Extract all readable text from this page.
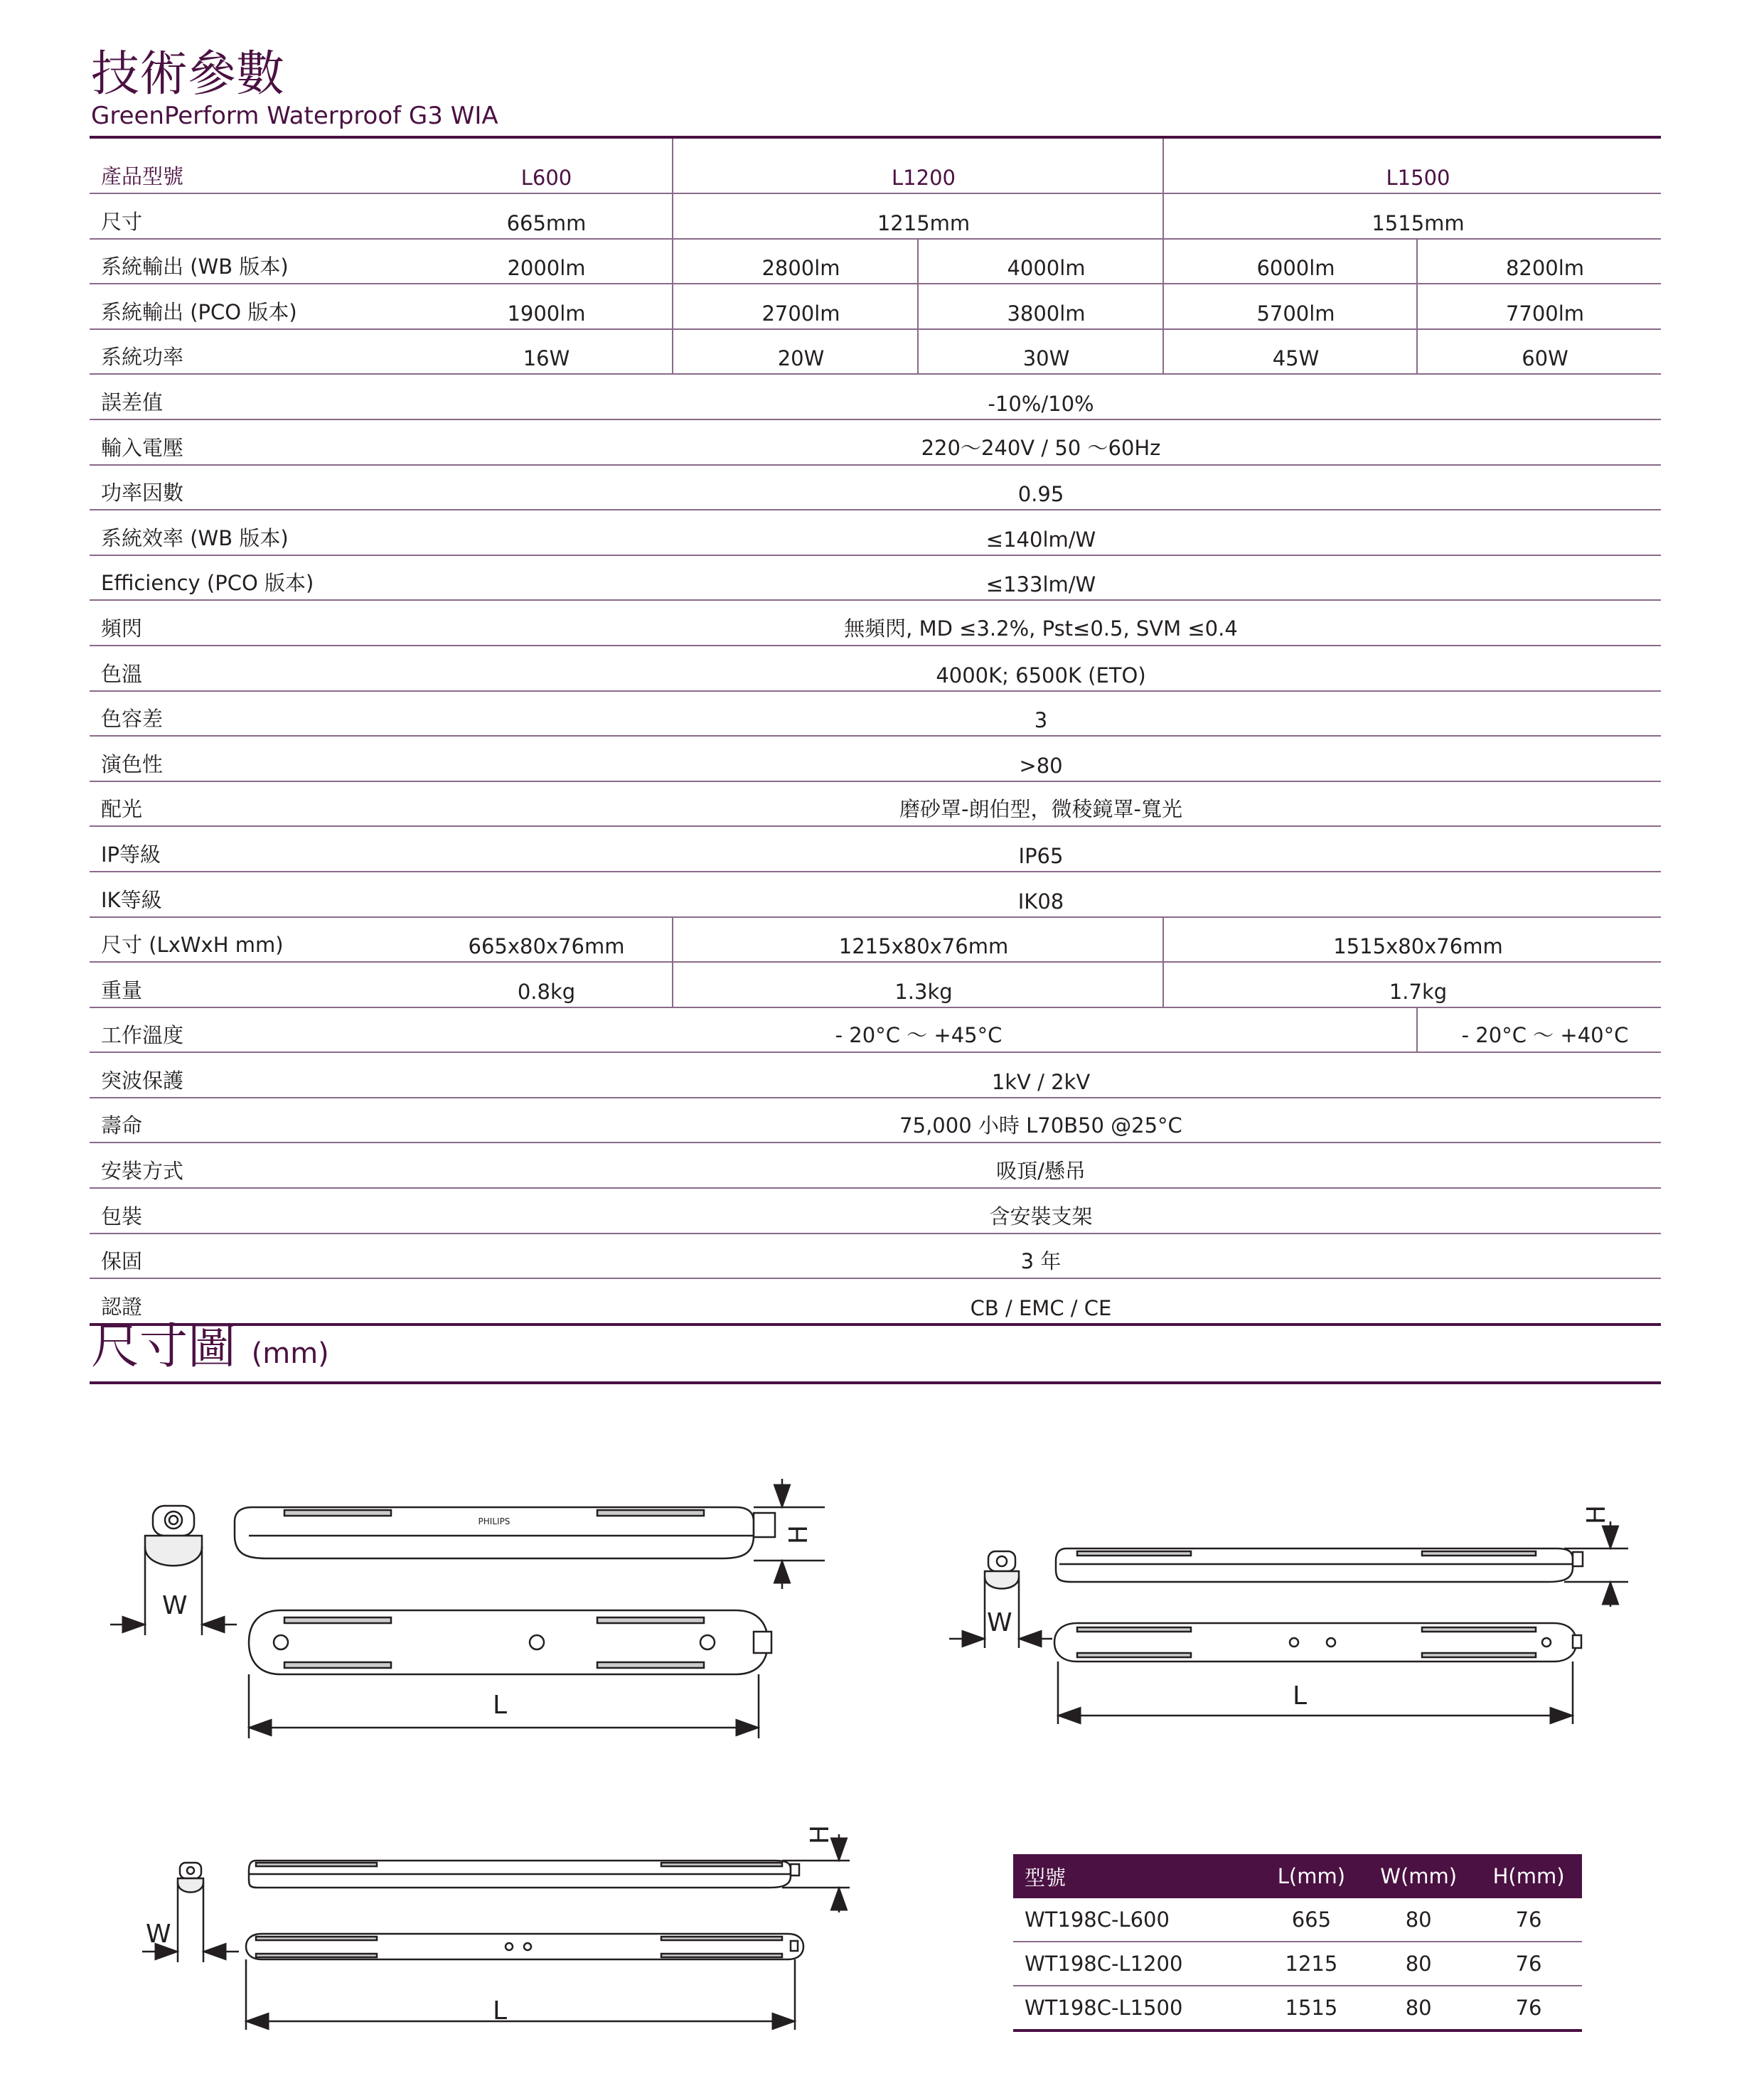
技術參數
GreenPerform Waterproof G3 WIA
產品型號	L600	L1200		L1500	
尺寸	665mm	1215mm		1515mm	
系統輸出 (WB 版本)	2000lm	2800lm	4000lm	6000lm	8200lm
系統輸出 (PCO 版本)	1900lm	2700lm	3800lm	5700lm	7700lm
系統功率	16W	20W	30W	45W	60W
誤差值	-10%/10%				
輸入電壓	220～240V / 50 ～60Hz				
功率因數	0.95				
系統效率 (WB 版本)	≤140lm/W				
Efficiency (PCO 版本)	≤133lm/W				
頻閃	無頻閃, MD ≤3.2%, Pst≤0.5, SVM ≤0.4				
色溫	4000K; 6500K (ETO)				
色容差	3				
演色性	>80				
配光	磨砂罩-朗伯型，微稜鏡罩-寬光				
IP等級	IP65				
IK等級	IK08				
尺寸 (LxWxH mm)	665x80x76mm	1215x80x76mm		1515x80x76mm	
重量	0.8kg	1.3kg		1.7kg	
工作溫度	- 20°C ～ +45°C				- 20°C ～ +40°C
突波保護	1kV / 2kV				
壽命	75,000 小時 L70B50 @25°C				
安裝方式	吸頂/懸吊				
包裝	含安裝支架				
保固	3 年				
認證	CB / EMC / CE				
尺寸圖 (mm)
PHILIPS
W
L
H
W
L
H
W
L
H
型號	L(mm)	W(mm)	H(mm)
WT198C-L600	665	80	76
WT198C-L1200	1215	80	76
WT198C-L1500	1515	80	76
